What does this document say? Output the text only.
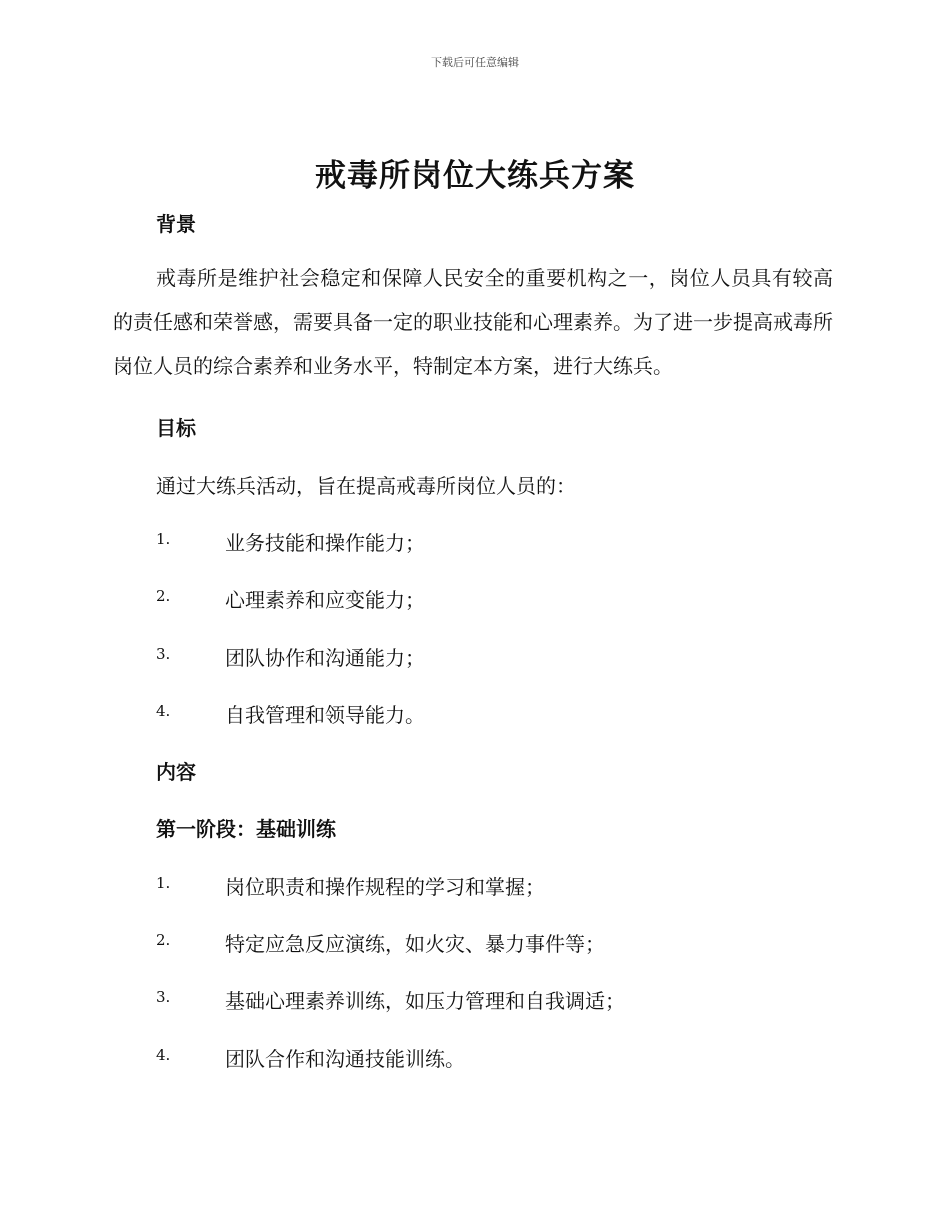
下载后可任意编辑
戒毒所岗位大练兵方案
背景
戒毒所是维护社会稳定和保障人民安全的重要机构之一，岗位人员具有较高的责任感和荣誉感，需要具备一定的职业技能和心理素养。为了进一步提高戒毒所岗位人员的综合素养和业务水平，特制定本方案，进行大练兵。
目标
通过大练兵活动，旨在提高戒毒所岗位人员的：
1.	业务技能和操作能力；
2.	心理素养和应变能力；
3.	团队协作和沟通能力；
4.	自我管理和领导能力。
内容
第一阶段：基础训练
1.	岗位职责和操作规程的学习和掌握；
2.	特定应急反应演练，如火灾、暴力事件等；
3.	基础心理素养训练，如压力管理和自我调适；
4.	团队合作和沟通技能训练。
